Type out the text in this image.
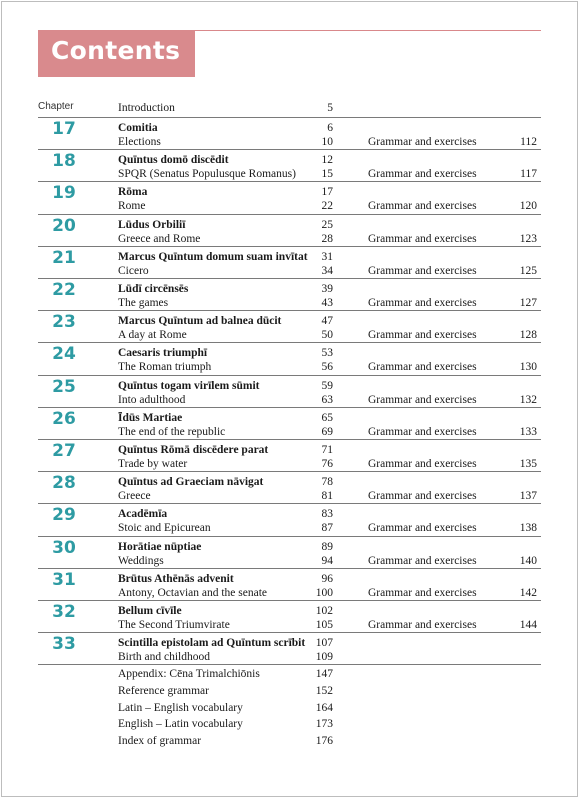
Contents
Chapter	Introduction	5
17	Comitia	6
Elections	10	Grammar and exercises	112
18	Quīntus domō discēdit	12
SPQR (Senatus Populusque Romanus)	15	Grammar and exercises	117
19	Rōma	17
Rome	22	Grammar and exercises	120
20	Lūdus Orbiliī	25
Greece and Rome	28	Grammar and exercises	123
21	Marcus Quīntum domum suam invītat	31
Cicero	34	Grammar and exercises	125
22	Lūdī circēnsēs	39
The games	43	Grammar and exercises	127
23	Marcus Quīntum ad balnea dūcit	47
A day at Rome	50	Grammar and exercises	128
24	Caesaris triumphī	53
The Roman triumph	56	Grammar and exercises	130
25	Quīntus togam virīlem sūmit	59
Into adulthood	63	Grammar and exercises	132
26	Īdūs Martiae	65
The end of the republic	69	Grammar and exercises	133
27	Quīntus Rōmā discēdere parat	71
Trade by water	76	Grammar and exercises	135
28	Quīntus ad Graeciam nāvigat	78
Greece	81	Grammar and exercises	137
29	Acadēmīa	83
Stoic and Epicurean	87	Grammar and exercises	138
30	Horātiae nūptiae	89
Weddings	94	Grammar and exercises	140
31	Brūtus Athēnās advenit	96
Antony, Octavian and the senate	100	Grammar and exercises	142
32	Bellum cīvīle	102
The Second Triumvirate	105	Grammar and exercises	144
33	Scintilla epistolam ad Quīntum scrībit 107
Birth and childhood	109
Appendix: Cēna Trimalchiōnis	147
Reference grammar	152
Latin – English vocabulary	164
English – Latin vocabulary	173
Index of grammar	176
